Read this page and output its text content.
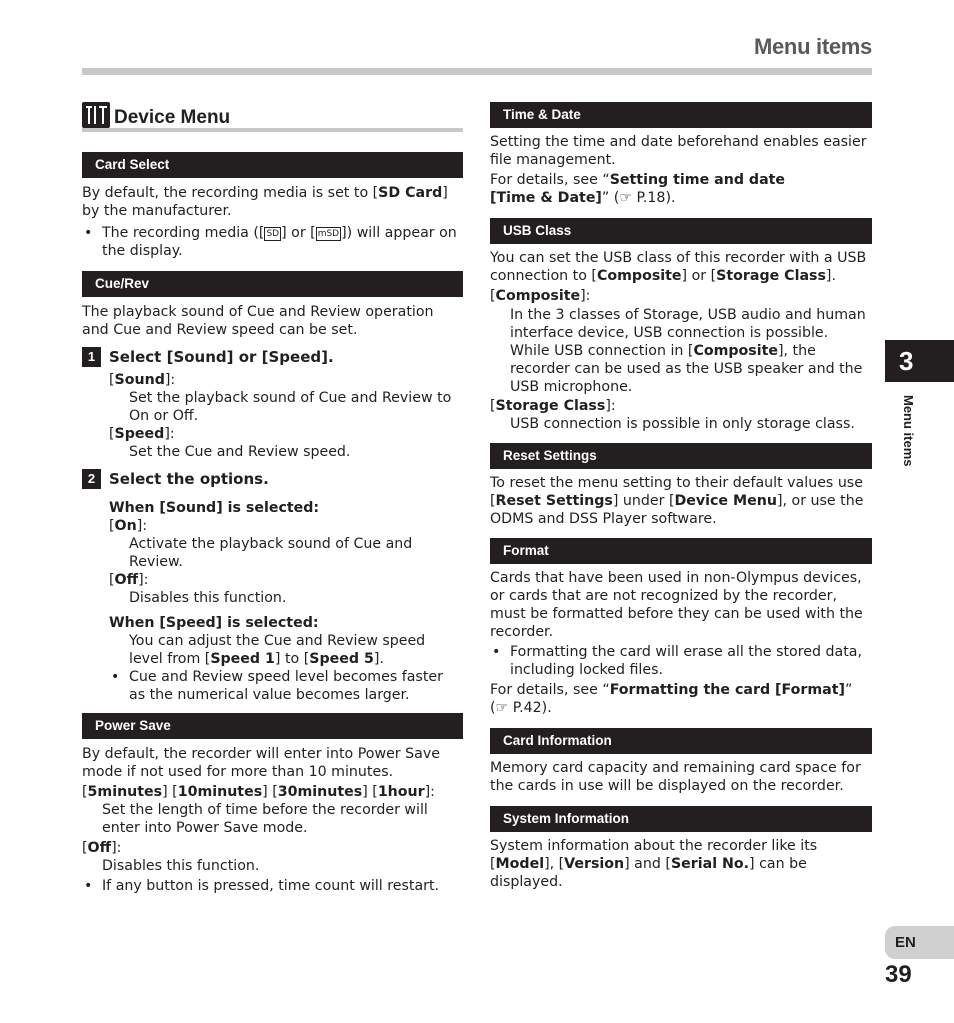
Menu items
Device Menu
Card Select

By default, the recording media is set to [SD Card] by the manufacturer.

• The recording media ([ SD ] or [ mSD ]) will appear on the display.

Cue/Rev

The playback sound of Cue and Review operation and Cue and Review speed can be set.

1 Select [Sound] or [Speed].

[Sound]:

Set the playback sound of Cue and Review to On or Off.

[Speed]:

Set the Cue and Review speed.

2 Select the options.

When [Sound] is selected:

[On]:

Activate the playback sound of Cue and Review.

[Off]:

Disables this function.

When [Speed] is selected:

You can adjust the Cue and Review speed level from [Speed 1] to [Speed 5].

• Cue and Review speed level becomes faster as the numerical value becomes larger.

Power Save

By default, the recorder will enter into Power Save mode if not used for more than 10 minutes.

[5minutes] [10minutes] [30minutes] [1hour]:

Set the length of time before the recorder will enter into Power Save mode.

[Off]:

Disables this function.

• If any button is pressed, time count will restart.

Time & Date

Setting the time and date beforehand enables easier file management.

For details, see “Setting time and date
[Time & Date]” (☞ P.18).

USB Class

You can set the USB class of this recorder with a USB connection to [Composite] or [Storage Class].

[Composite]:

In the 3 classes of Storage, USB audio and human interface device, USB connection is possible. While USB connection in [Composite], the recorder can be used as the USB speaker and the USB microphone.

[Storage Class]:

USB connection is possible in only storage class.

Reset Settings

To reset the menu setting to their default values use [Reset Settings] under [Device Menu], or use the ODMS and DSS Player software.

Format

Cards that have been used in non-Olympus devices, or cards that are not recognized by the recorder, must be formatted before they can be used with the recorder.

• Formatting the card will erase all the stored data, including locked files.

For details, see “Formatting the card [Format]”
(☞ P.42).

Card Information

Memory card capacity and remaining card space for the cards in use will be displayed on the recorder.

System Information

System information about the recorder like its [Model], [Version] and [Serial No.] can be displayed.

3
Menu items
EN
39
